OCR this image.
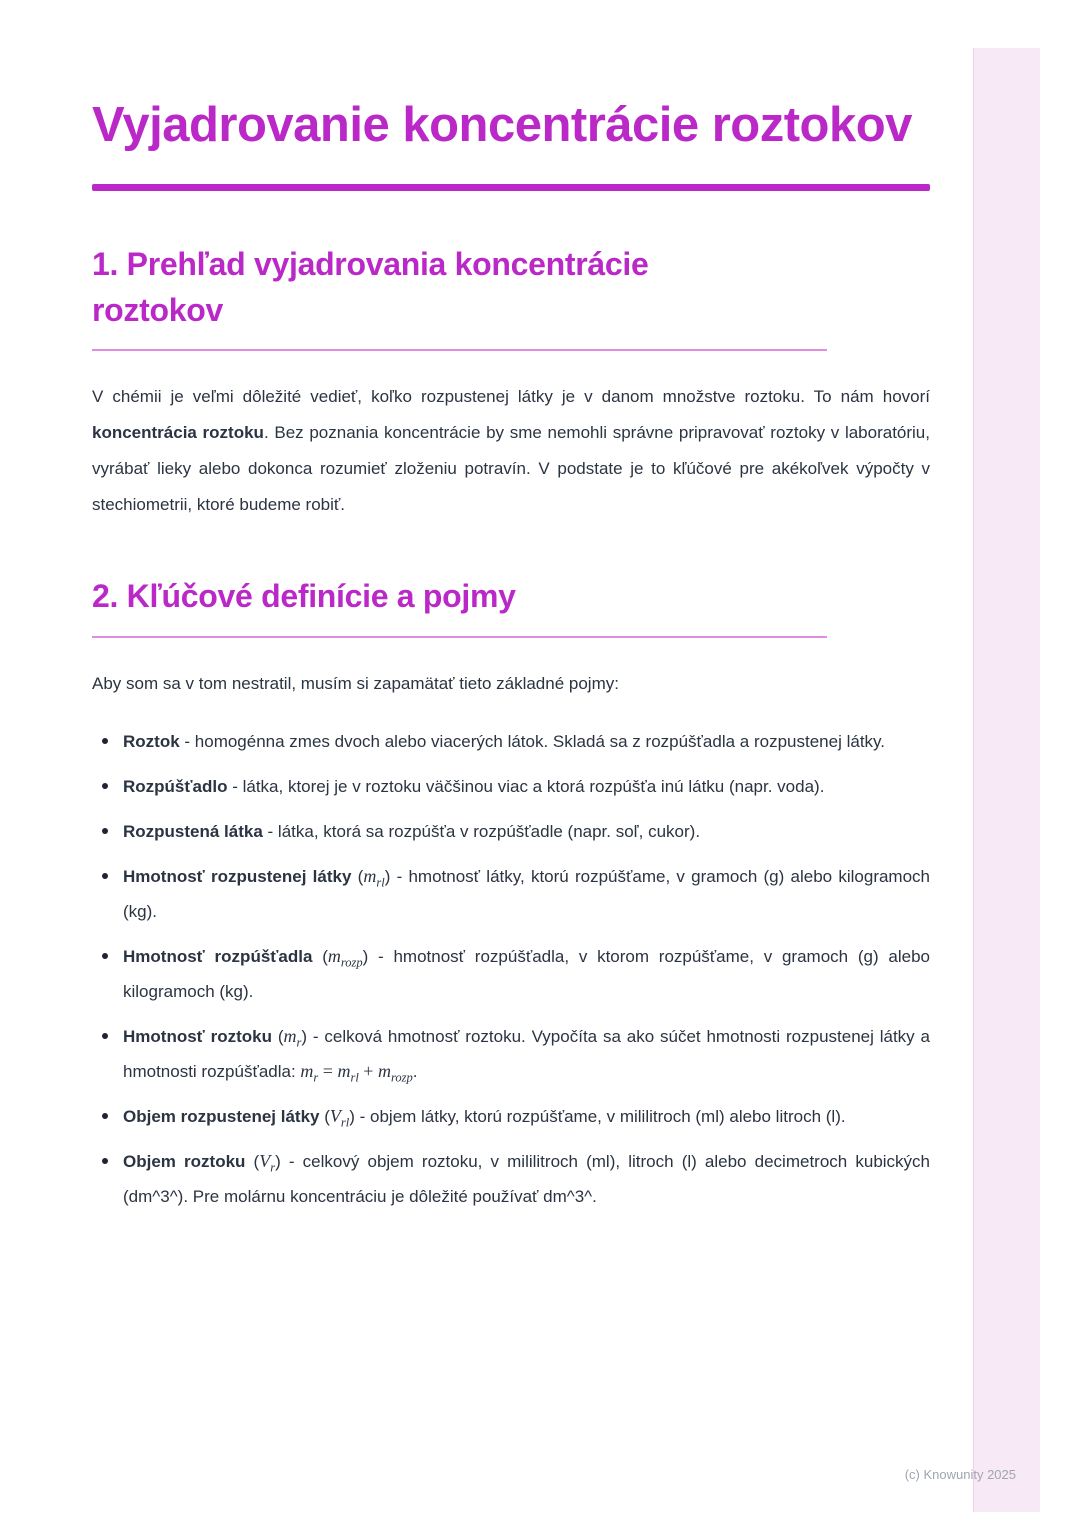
Vyjadrovanie koncentrácie roztokov
1. Prehľad vyjadrovania koncentrácie roztokov

V chémii je veľmi dôležité vedieť, koľko rozpustenej látky je v danom množstve roztoku. To nám hovorí koncentrácia roztoku. Bez poznania koncentrácie by sme nemohli správne pripravovať roztoky v laboratóriu, vyrábať lieky alebo dokonca rozumieť zloženiu potravín. V podstate je to kľúčové pre akékoľvek výpočty v stechiometrii, ktoré budeme robiť.

2. Kľúčové definície a pojmy

Aby som sa v tom nestratil, musím si zapamätať tieto základné pojmy:

Roztok - homogénna zmes dvoch alebo viacerých látok. Skladá sa z rozpúšťadla a rozpustenej látky.
Rozpúšťadlo - látka, ktorej je v roztoku väčšinou viac a ktorá rozpúšťa inú látku (napr. voda).
Rozpustená látka - látka, ktorá sa rozpúšťa v rozpúšťadle (napr. soľ, cukor).
Hmotnosť rozpustenej látky $(m_{rl})$ - hmotnosť látky, ktorú rozpúšťame, v gramoch (g) alebo kilogramoch (kg).
Hmotnosť rozpúšťadla $(m_{rozp})$ - hmotnosť rozpúšťadla, v ktorom rozpúšťame, v gramoch (g) alebo kilogramoch (kg).
Hmotnosť roztoku $(m_r)$ - celková hmotnosť roztoku. Vypočíta sa ako súčet hmotnosti rozpustenej látky a hmotnosti rozpúšťadla: $m_r = m_{rl} + m_{rozp}$.
Objem rozpustenej látky $(V_{rl})$ - objem látky, ktorú rozpúšťame, v mililitroch (ml) alebo litroch (l).
Objem roztoku $(V_r)$ - celkový objem roztoku, v mililitroch (ml), litroch (l) alebo decimetroch kubických (dm^3^). Pre molárnu koncentráciu je dôležité používať dm^3^.
(c) Knowunity 2025
